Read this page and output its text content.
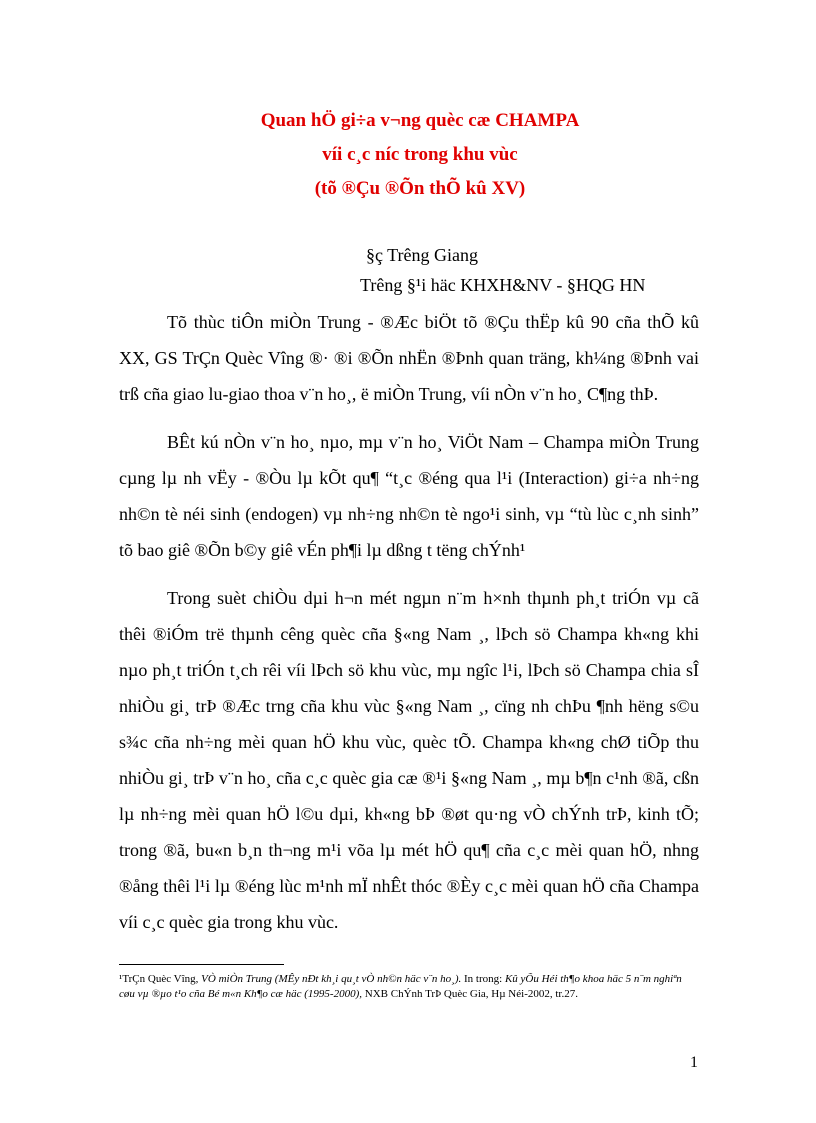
Quan hÖ gi÷a v¬ng quèc cæ CHAMPA
víi c¸c níc trong khu vùc
(tõ ®Çu ®Õn thÕ kû XV)
§ç Trêng Giang
Trêng §¹i häc KHXH&NV - §HQG HN

Tõ thùc tiÔn miÒn Trung - ®Æc biÖt tõ ®Çu thËp kû 90 cña thÕ kû XX, GS TrÇn Quèc Vîng ®· ®i ®Õn nhËn ®Þnh quan träng, kh¼ng ®Þnh vai trß cña giao lu-giao thoa v¨n ho¸, ë miÒn Trung, víi nÒn v¨n ho¸ C¶ng thÞ.

BÊt kú nÒn v¨n ho¸ nµo, mµ v¨n ho¸ ViÖt Nam – Champa miÒn Trung cµng lµ nh vËy - ®Òu lµ kÕt qu¶ “t¸c ®éng qua l¹i (Interaction) gi÷a nh÷ng nh©n tè néi sinh (endogen) vµ nh÷ng nh©n tè ngo¹i sinh, vµ “tù lùc c¸nh sinh” tõ bao giê ®Õn b©y giê vÉn ph¶i lµ dßng t tëng chÝnh¹

Trong suèt chiÒu dµi h¬n mét ngµn n¨m h×nh thµnh ph¸t triÓn vµ cã thêi ®iÓm trë thµnh cêng quèc cña §«ng Nam ¸, lÞch sö Champa kh«ng khi nµo ph¸t triÓn t¸ch rêi víi lÞch sö khu vùc, mµ ngîc l¹i, lÞch sö Champa chia sÎ nhiÒu gi¸ trÞ ®Æc trng cña khu vùc §«ng Nam ¸, cïng nh chÞu ¶nh hëng s©u s¾c cña nh÷ng mèi quan hÖ khu vùc, quèc tÕ. Champa kh«ng chØ tiÕp thu nhiÒu gi¸ trÞ v¨n ho¸ cña c¸c quèc gia cæ ®¹i §«ng Nam ¸, mµ b¶n c¹nh ®ã, cßn lµ nh÷ng mèi quan hÖ l©u dµi, kh«ng bÞ ®øt qu·ng vÒ chÝnh trÞ, kinh tÕ; trong ®ã, bu«n b¸n th¬ng m¹i võa lµ mét hÖ qu¶ cña c¸c mèi quan hÖ, nhng ®ång thêi l¹i lµ ®éng lùc m¹nh mÏ nhÊt thóc ®Èy c¸c mèi quan hÖ cña Champa víi c¸c quèc gia trong khu vùc.

¹TrÇn Quèc Vîng, VÒ miÒn Trung (MÊy nÐt kh¸i qu¸t vÒ nh©n häc v¨n ho¸). In trong: Kû yÕu Héi th¶o khoa häc 5 n¨m nghiªn cøu vµ ®µo t¹o cña Bé m«n Kh¶o cæ häc (1995-2000), NXB ChÝnh TrÞ Quèc Gia, Hµ Néi-2002, tr.27.
1
